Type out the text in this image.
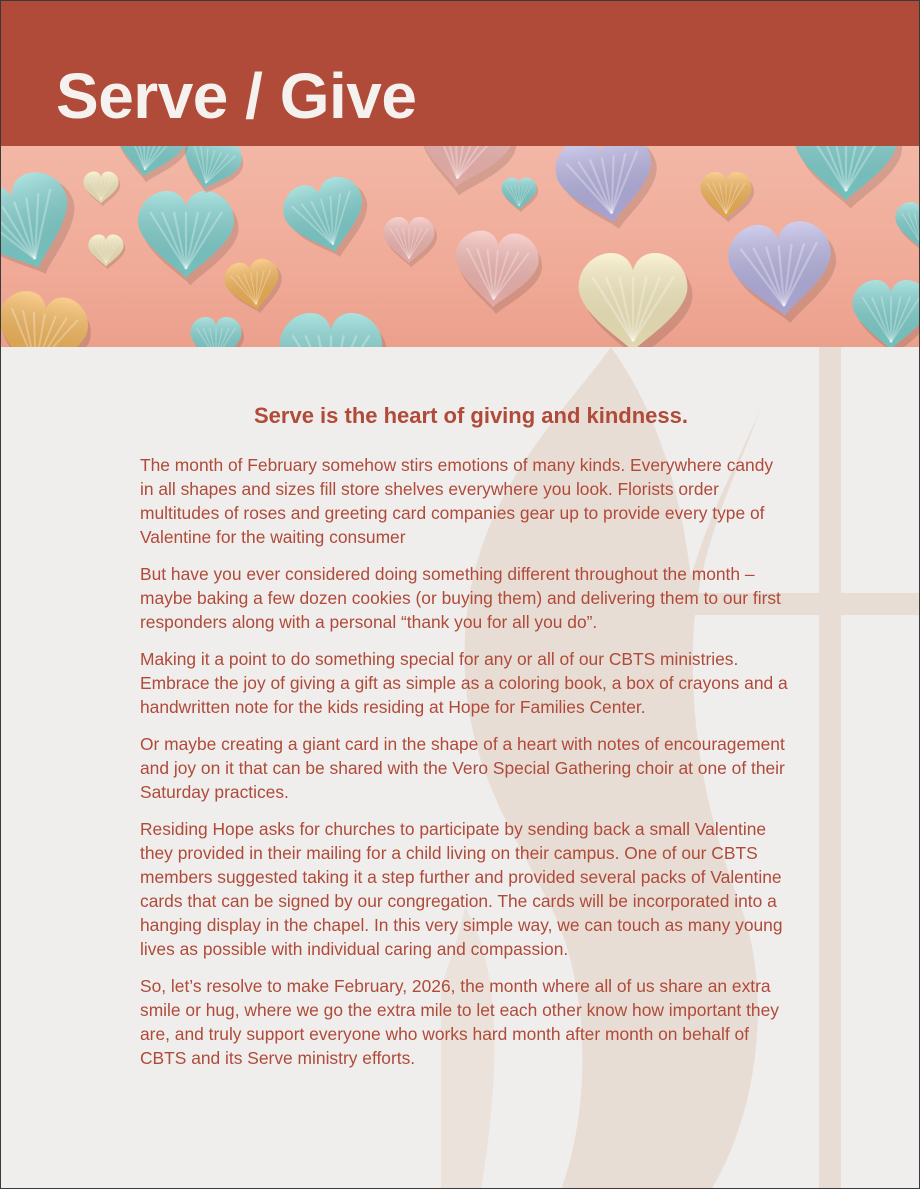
Serve / Give
Serve is the heart of giving and kindness.

The month of February somehow stirs emotions of many kinds. Everywhere candy in all shapes and sizes fill store shelves everywhere you look. Florists order multitudes of roses and greeting card companies gear up to provide every type of Valentine for the waiting consumer

But have you ever considered doing something different throughout the month – maybe baking a few dozen cookies (or buying them) and delivering them to our first responders along with a personal “thank you for all you do”.

Making it a point to do something special for any or all of our CBTS ministries. Embrace the joy of giving a gift as simple as a coloring book, a box of crayons and a handwritten note for the kids residing at Hope for Families Center.

Or maybe creating a giant card in the shape of a heart with notes of encouragement and joy on it that can be shared with the Vero Special Gathering choir at one of their Saturday practices.

Residing Hope asks for churches to participate by sending back a small Valentine they provided in their mailing for a child living on their campus. One of our CBTS members suggested taking it a step further and provided several packs of Valentine cards that can be signed by our congregation. The cards will be incorporated into a hanging display in the chapel. In this very simple way, we can touch as many young lives as possible with individual caring and compassion.

So, let’s resolve to make February, 2026, the month where all of us share an extra smile or hug, where we go the extra mile to let each other know how important they are, and truly support everyone who works hard month after month on behalf of CBTS and its Serve ministry efforts.
